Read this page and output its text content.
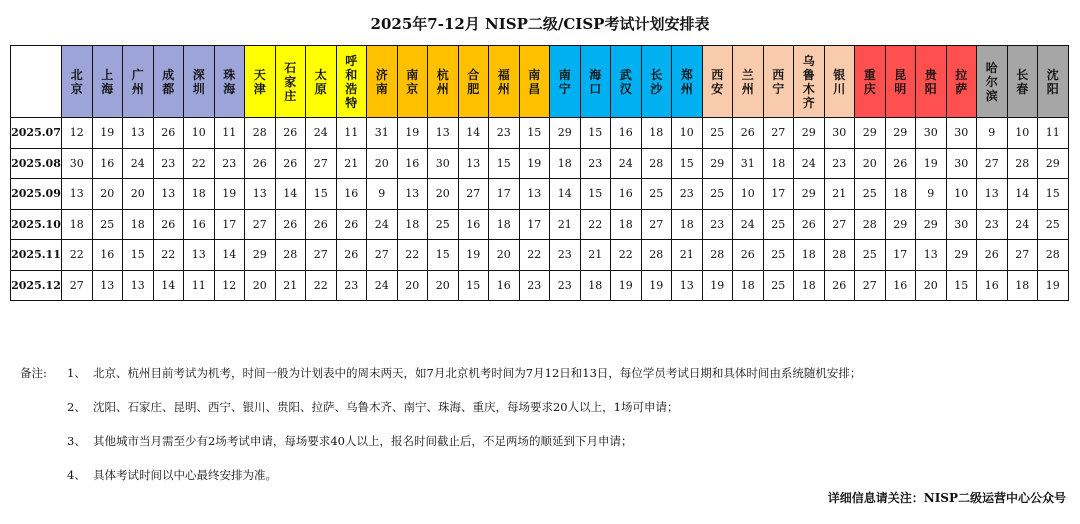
2025年7-12月 NISP二级/CISP考试计划安排表
	北京	上海	广州	成都	深圳	珠海	天津	石家庄	太原	呼和浩特	济南	南京	杭州	合肥	福州	南昌	南宁	海口	武汉	长沙	郑州	西安	兰州	西宁	乌鲁木齐	银川	重庆	昆明	贵阳	拉萨	哈尔滨	长春	沈阳
2025.07	12	19	13	26	10	11	28	26	24	11	31	19	13	14	23	15	29	15	16	18	10	25	26	27	29	30	29	29	30	30	9	10	11
2025.08	30	16	24	23	22	23	26	26	27	21	20	16	30	13	15	19	18	23	24	28	15	29	31	18	24	23	20	26	19	30	27	28	29
2025.09	13	20	20	13	18	19	13	14	15	16	9	13	20	27	17	13	14	15	16	25	23	25	10	17	29	21	25	18	9	10	13	14	15
2025.10	18	25	18	26	16	17	27	26	26	26	24	18	25	16	18	17	21	22	18	27	18	23	24	25	26	27	28	29	29	30	23	24	25
2025.11	22	16	15	22	13	14	29	28	27	26	27	22	15	19	20	22	23	21	22	28	21	28	26	25	18	28	25	17	13	29	26	27	28
2025.12	27	13	13	14	11	12	20	21	22	23	24	20	20	15	16	23	23	18	19	19	13	19	18	25	18	26	27	16	20	15	16	18	19
备注: 1、 北京、杭州目前考试为机考，时间一般为计划表中的周末两天，如7月北京机考时间为7月12日和13日，每位学员考试日期和具体时间由系统随机安排；
2、 沈阳、石家庄、昆明、西宁、银川、贵阳、拉萨、乌鲁木齐、南宁、珠海、重庆，每场要求20人以上，1场可申请；
3、 其他城市当月需至少有2场考试申请，每场要求40人以上，报名时间截止后，不足两场的顺延到下月申请；
4、 具体考试时间以中心最终安排为准。
详细信息请关注：NISP二级运营中心公众号
